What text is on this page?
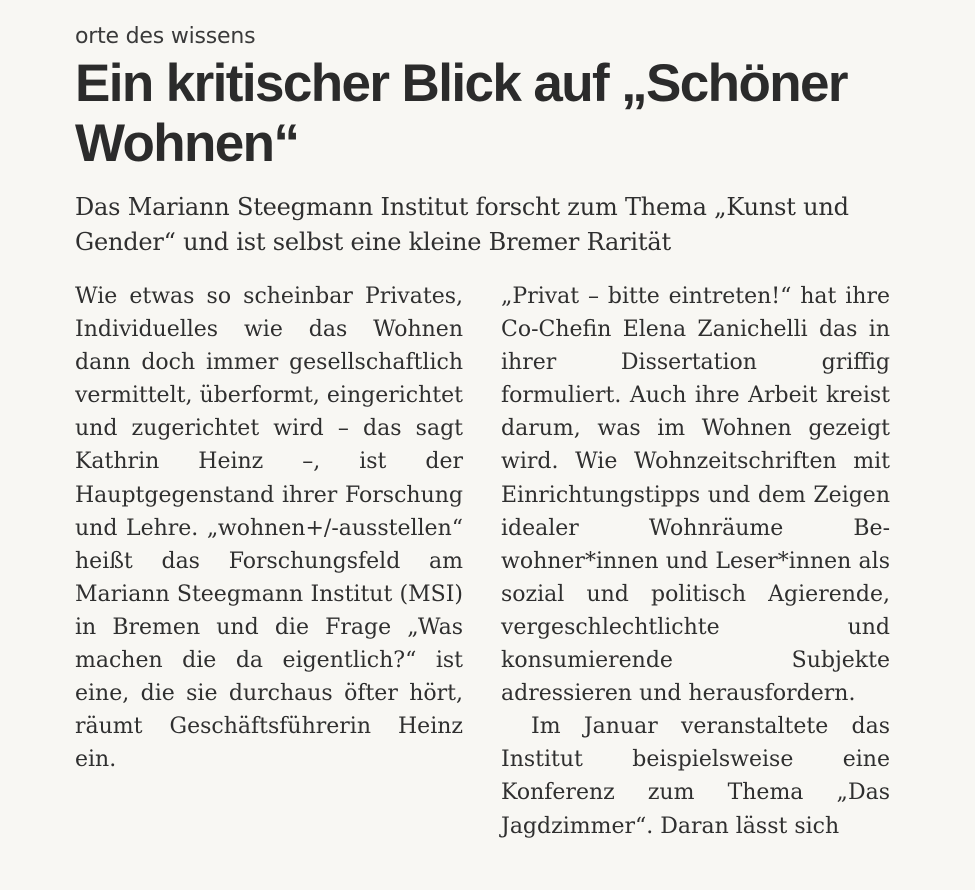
orte des wissens
Ein kritischer Blick auf „Schöner Wohnen“
Das Mariann Steegmann Institut forscht zum Thema „Kunst und Gender“ und ist selbst eine kleine Bremer Rarität

Wie etwas so scheinbar Privates, Individuelles wie das Wohnen dann doch immer gesellschaftlich vermittelt, überformt, eingerichtet und zugerichtet wird – das sagt Kathrin Heinz –, ist der Hauptgegenstand ihrer Forschung und Lehre. „wohnen+/-ausstellen“ heißt das Forschungsfeld am Mariann Steegmann Institut (MSI) in Bremen und die Frage „Was machen die da eigentlich?“ ist eine, die sie durchaus öfter hört, räumt Geschäftsführerin Heinz ein.

„Privat – bitte eintreten!“ hat ihre Co-Chefin Elena Zanichelli das in ihrer Dissertation griffig formuliert. Auch ihre Arbeit kreist darum, was im Wohnen gezeigt wird. Wie Wohnzeitschriften mit Einrichtungstipps und dem Zeigen idealer Wohnräume Bewohner*innen und Leser*innen als sozial und politisch Agierende, vergeschlechtlichte und konsumierende Subjekte adressieren und herausfordern.

Im Januar veranstaltete das Institut beispielsweise eine Konferenz zum Thema „Das Jagdzimmer“. Daran lässt sich
